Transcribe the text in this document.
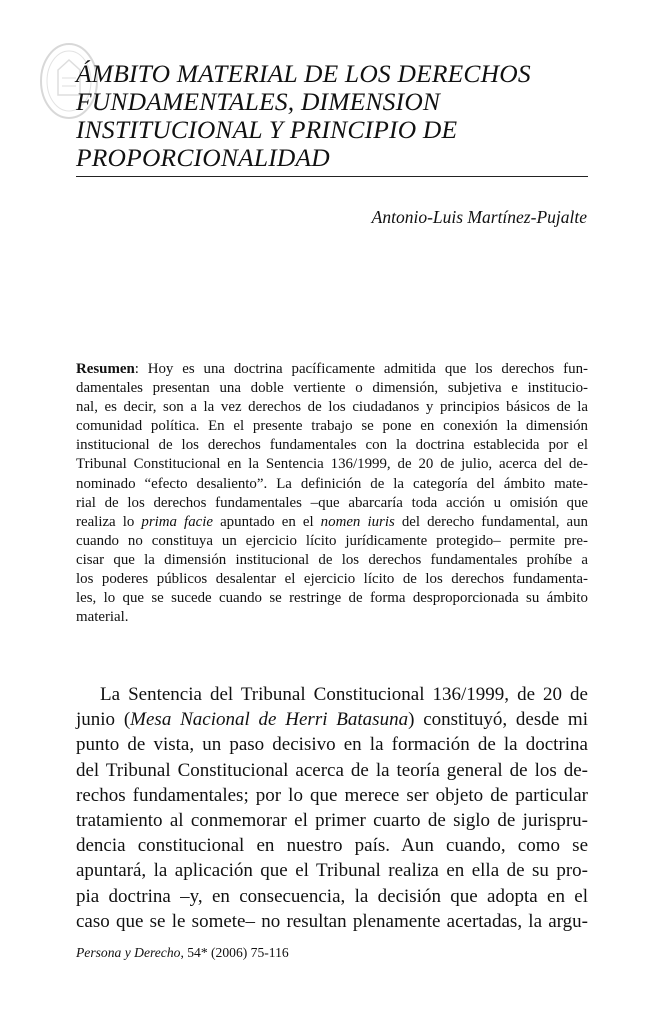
ÁMBITO MATERIAL DE LOS DERECHOS
FUNDAMENTALES, DIMENSION
INSTITUCIONAL Y PRINCIPIO DE
PROPORCIONALIDAD
Antonio-Luis Martínez-Pujalte
Resumen: Hoy es una doctrina pacíficamente admitida que los derechos fun-
damentales presentan una doble vertiente o dimensión, subjetiva e institucio-
nal, es decir, son a la vez derechos de los ciudadanos y principios básicos de la
comunidad política. En el presente trabajo se pone en conexión la dimensión
institucional de los derechos fundamentales con la doctrina establecida por el
Tribunal Constitucional en la Sentencia 136/1999, de 20 de julio, acerca del de-
nominado “efecto desaliento”. La definición de la categoría del ámbito mate-
rial de los derechos fundamentales –que abarcaría toda acción u omisión que
realiza lo prima facie apuntado en el nomen iuris del derecho fundamental, aun
cuando no constituya un ejercicio lícito jurídicamente protegido– permite pre-
cisar que la dimensión institucional de los derechos fundamentales prohíbe a
los poderes públicos desalentar el ejercicio lícito de los derechos fundamenta-
les, lo que se sucede cuando se restringe de forma desproporcionada su ámbito
material.
La Sentencia del Tribunal Constitucional 136/1999, de 20 de
junio (Mesa Nacional de Herri Batasuna) constituyó, desde mi
punto de vista, un paso decisivo en la formación de la doctrina
del Tribunal Constitucional acerca de la teoría general de los de-
rechos fundamentales; por lo que merece ser objeto de particular
tratamiento al conmemorar el primer cuarto de siglo de jurispru-
dencia constitucional en nuestro país. Aun cuando, como se
apuntará, la aplicación que el Tribunal realiza en ella de su pro-
pia doctrina –y, en consecuencia, la decisión que adopta en el
caso que se le somete– no resultan plenamente acertadas, la argu-
Persona y Derecho, 54* (2006) 75-116
